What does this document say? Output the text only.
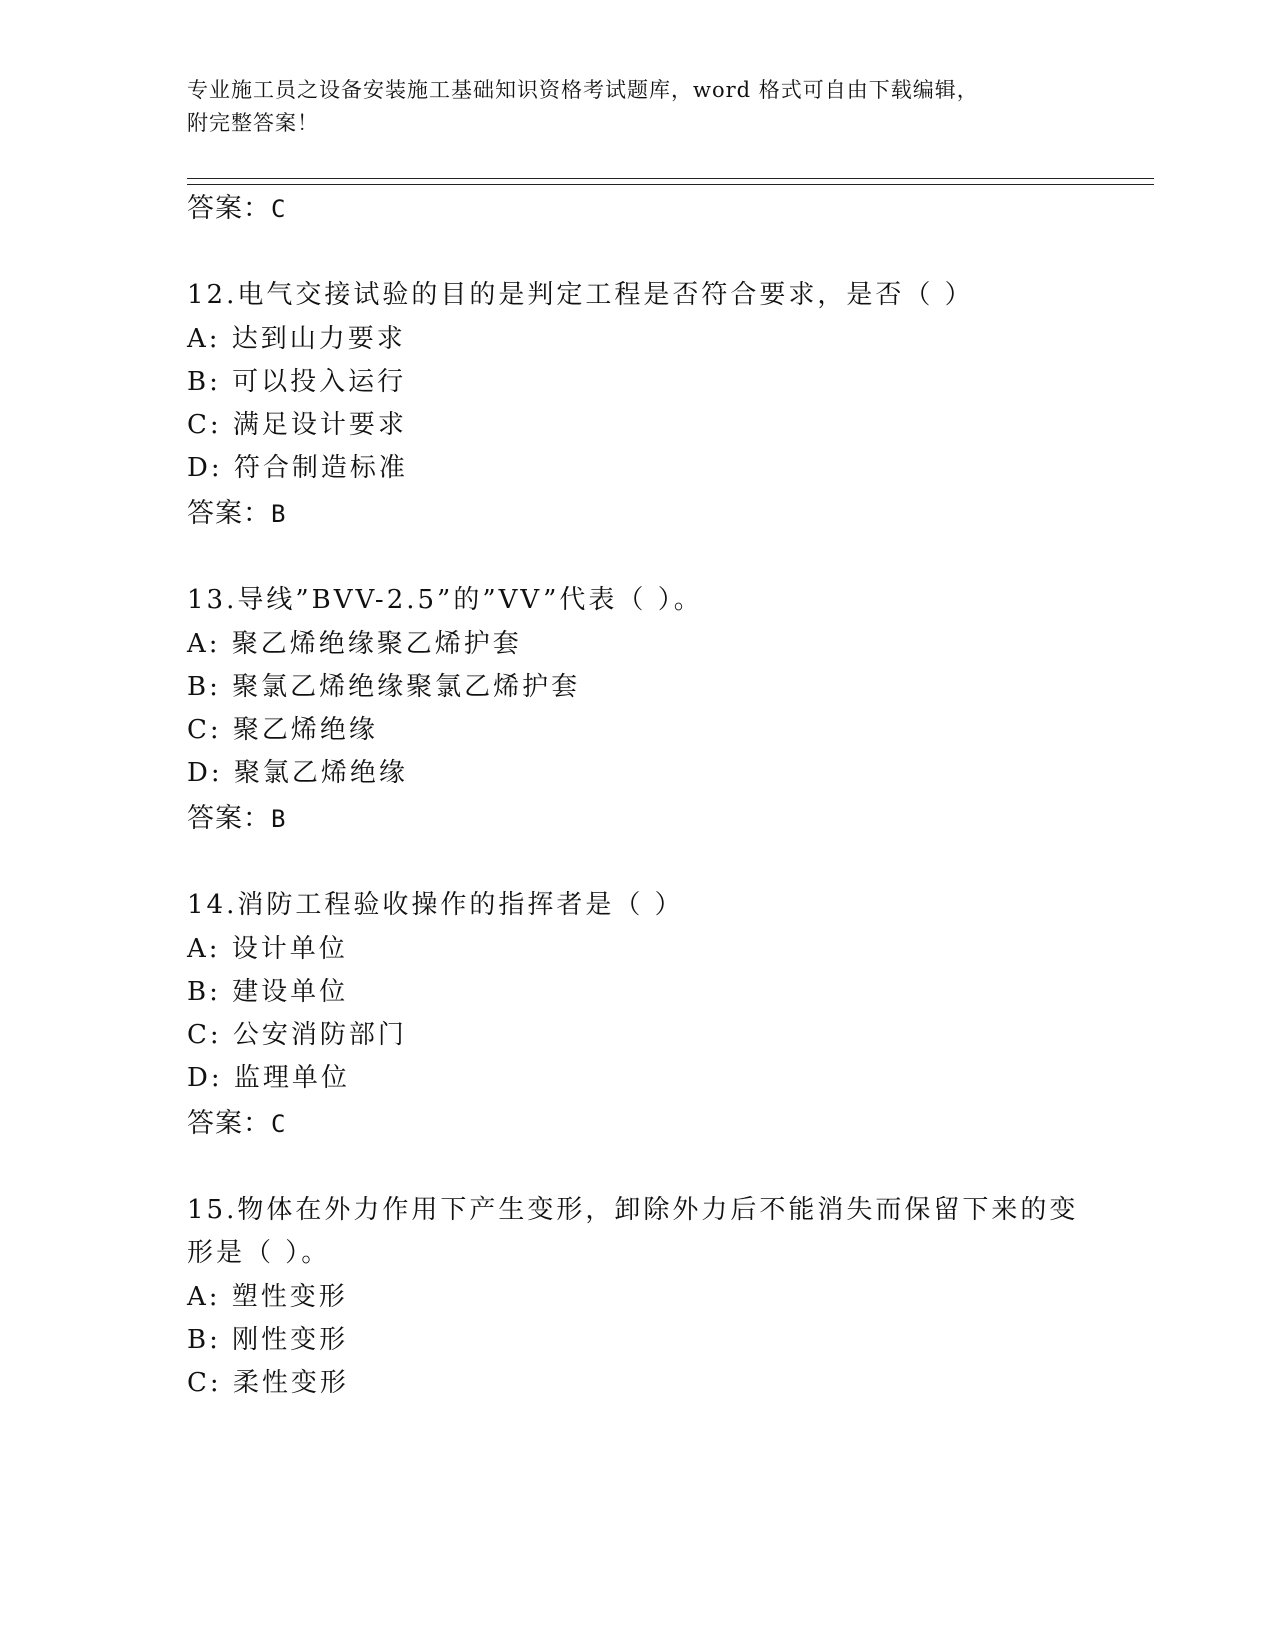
专业施工员之设备安装施工基础知识资格考试题库，word 格式可自由下载编辑，
附完整答案！
答案：C
12.电气交接试验的目的是判定工程是否符合要求，是否（ ）
A: 达到山力要求
B: 可以投入运行
C: 满足设计要求
D: 符合制造标准
答案：B
13.导线”BVV-2.5”的”VV”代表（ ）。
A: 聚乙烯绝缘聚乙烯护套
B: 聚氯乙烯绝缘聚氯乙烯护套
C: 聚乙烯绝缘
D: 聚氯乙烯绝缘
答案：B
14.消防工程验收操作的指挥者是（ ）
A: 设计单位
B: 建设单位
C: 公安消防部门
D: 监理单位
答案：C
15.物体在外力作用下产生变形，卸除外力后不能消失而保留下来的变
形是（ ）。
A: 塑性变形
B: 刚性变形
C: 柔性变形
